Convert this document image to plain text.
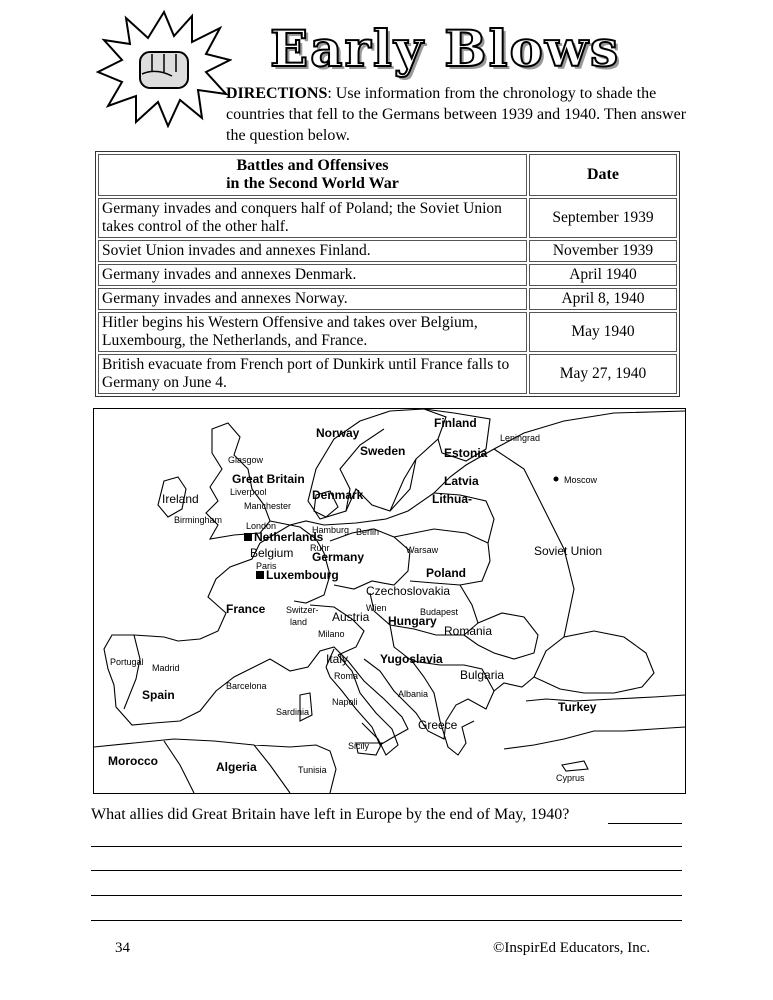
Early Blows
DIRECTIONS: Use information from the chronology to shade the countries that fell to the Germans between 1939 and 1940. Then answer the question below.
Battles and Offensives
in the Second World War	Date
Germany invades and conquers half of Poland; the Soviet Union takes control of the other half.	September 1939
Soviet Union invades and annexes Finland.	November 1939
Germany invades and annexes Denmark.	April 1940
Germany invades and annexes Norway.	April 8, 1940
Hitler begins his Western Offensive and takes over Belgium, Luxembourg, the Netherlands, and France.	May 1940
British evacuate from French port of Dunkirk until France falls to Germany on June 4.	May 27, 1940
Finland
Leningrad
Norway
Sweden	Estonia
Latvia
Lithua-
Moscow
Glasgow
Great Britain
Ireland	Liverpool
Manchester
Birmingham
London
Denmark
Hamburg Berlin
Netherlands
Ruhr
Belgium Germany
Paris
Luxembourg
Warsaw
Poland
Soviet Union
Czechoslovakia
Wien	Budapest
France Switzer-
land Austria Hungary
Romania
Milano
Portugal
Madrid
Italy	Yugoslavia
Spain
Barcelona
Roma	Bulgaria
Albania
Sardinia
Napoli	Turkey
Greece
Sicily
Morocco	Algeria	Tunisia
Cyprus
What allies did Great Britain have left in Europe by the end of May, 1940?
34	©InspirEd Educators, Inc.
